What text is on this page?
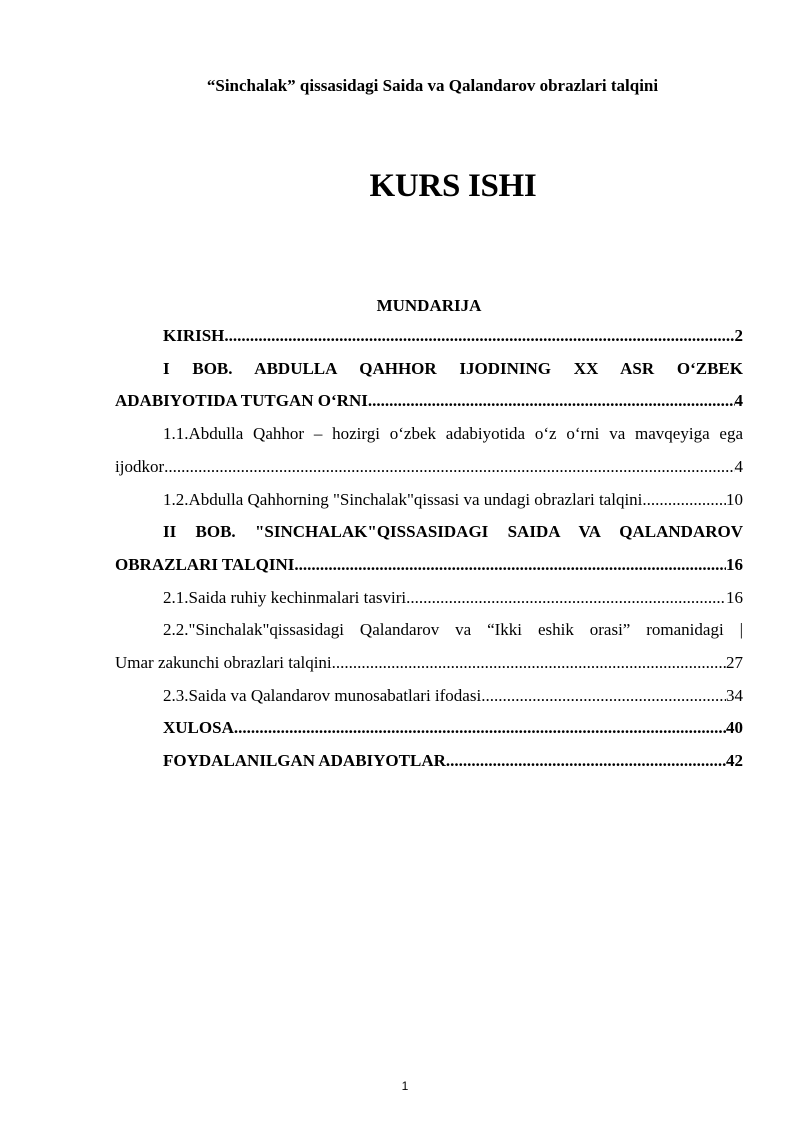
“Sinchalak” qissasidagi Saida va Qalandarov obrazlari talqini
KURS ISHI
MUNDARIJA
KIRISH .....	2
I BOB. ABDULLA QAHHOR IJODINING XX ASR O‘ZBEK
ADABIYOTIDA TUTGAN O‘RNI .....	4
1.1.Abdulla Qahhor – hozirgi o‘zbek adabiyotida o‘z o‘rni va mavqeyiga ega
ijodkor .....	4
1.2.Abdulla Qahhorning "Sinchalak"qissasi va undagi obrazlari talqini .....	10
II BOB. "SINCHALAK"QISSASIDAGI SAIDA VA QALANDAROV
OBRAZLARI TALQINI .....	16
2.1.Saida ruhiy kechinmalari tasviri .....	16
2.2."Sinchalak"qissasidagi Qalandarov va “Ikki eshik orasi” romanidagi |
Umar zakunchi obrazlari talqini .....	27
2.3.Saida va Qalandarov munosabatlari ifodasi .....	34
XULOSA .....	40
FOYDALANILGAN ADABIYOTLAR .....	42
1
